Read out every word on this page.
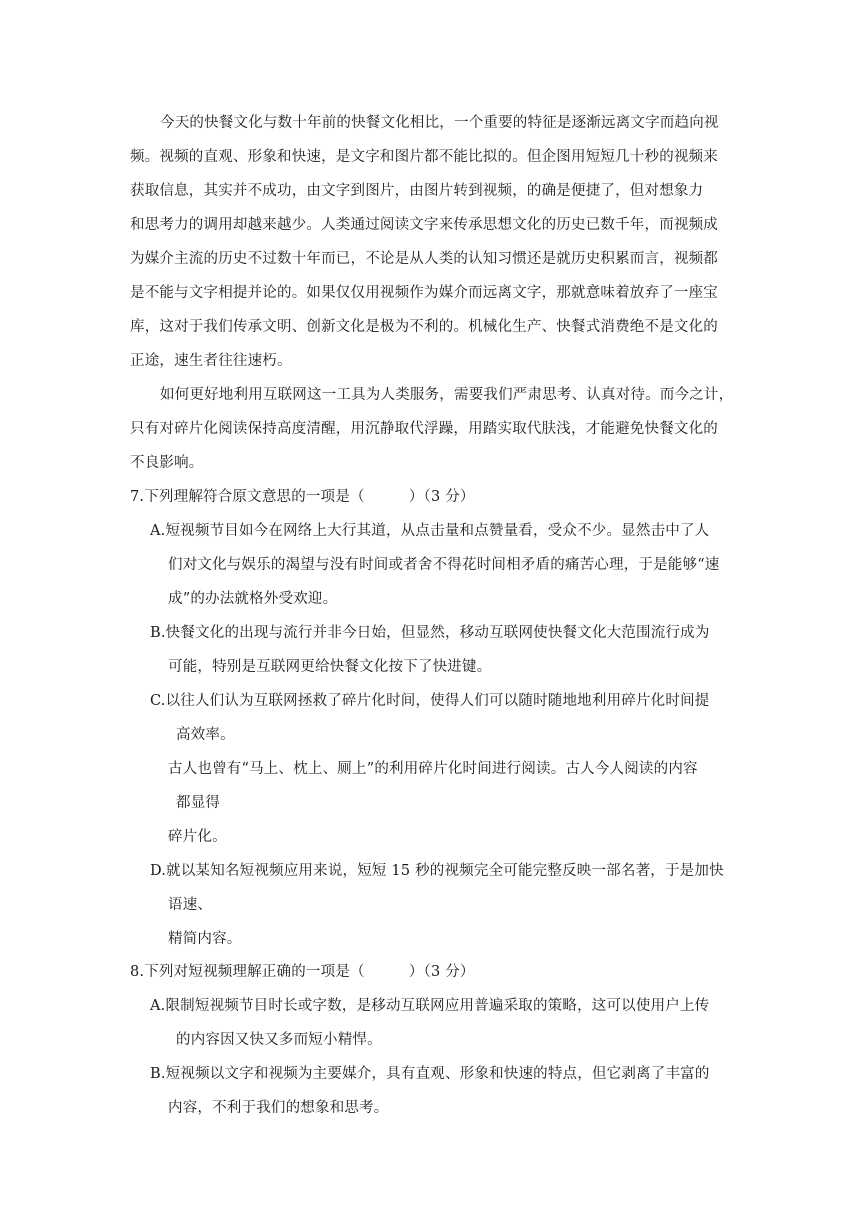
今天的快餐文化与数十年前的快餐文化相比，一个重要的特征是逐渐远离文字而趋向视
频。视频的直观、形象和快速，是文字和图片都不能比拟的。但企图用短短几十秒的视频来
获取信息，其实并不成功，由文字到图片，由图片转到视频，的确是便捷了，但对想象力
和思考力的调用却越来越少。人类通过阅读文字来传承思想文化的历史已数千年，而视频成
为媒介主流的历史不过数十年而已，不论是从人类的认知习惯还是就历史积累而言，视频都
是不能与文字相提并论的。如果仅仅用视频作为媒介而远离文字，那就意味着放弃了一座宝
库，这对于我们传承文明、创新文化是极为不利的。机械化生产、快餐式消费绝不是文化的
正途，速生者往往速朽。
如何更好地利用互联网这一工具为人类服务，需要我们严肃思考、认真对待。而今之计，
只有对碎片化阅读保持高度清醒，用沉静取代浮躁，用踏实取代肤浅，才能避免快餐文化的
不良影响。
7.下列理解符合原文意思的一项是（　　　）（3 分）
A.短视频节目如今在网络上大行其道，从点击量和点赞量看，受众不少。显然击中了人
们对文化与娱乐的渴望与没有时间或者舍不得花时间相矛盾的痛苦心理，于是能够“速
成”的办法就格外受欢迎。
B.快餐文化的出现与流行并非今日始，但显然，移动互联网使快餐文化大范围流行成为
可能，特别是互联网更给快餐文化按下了快进键。
C.以往人们认为互联网拯救了碎片化时间，使得人们可以随时随地地利用碎片化时间提
高效率。
古人也曾有“马上、枕上、厕上”的利用碎片化时间进行阅读。古人今人阅读的内容
都显得
碎片化。
D.就以某知名短视频应用来说，短短 15 秒的视频完全可能完整反映一部名著，于是加快
语速、
精简内容。
8.下列对短视频理解正确的一项是（　　　）（3 分）
A.限制短视频节目时长或字数，是移动互联网应用普遍采取的策略，这可以使用户上传
的内容因又快又多而短小精悍。
B.短视频以文字和视频为主要媒介，具有直观、形象和快速的特点，但它剥离了丰富的
内容，不利于我们的想象和思考。
